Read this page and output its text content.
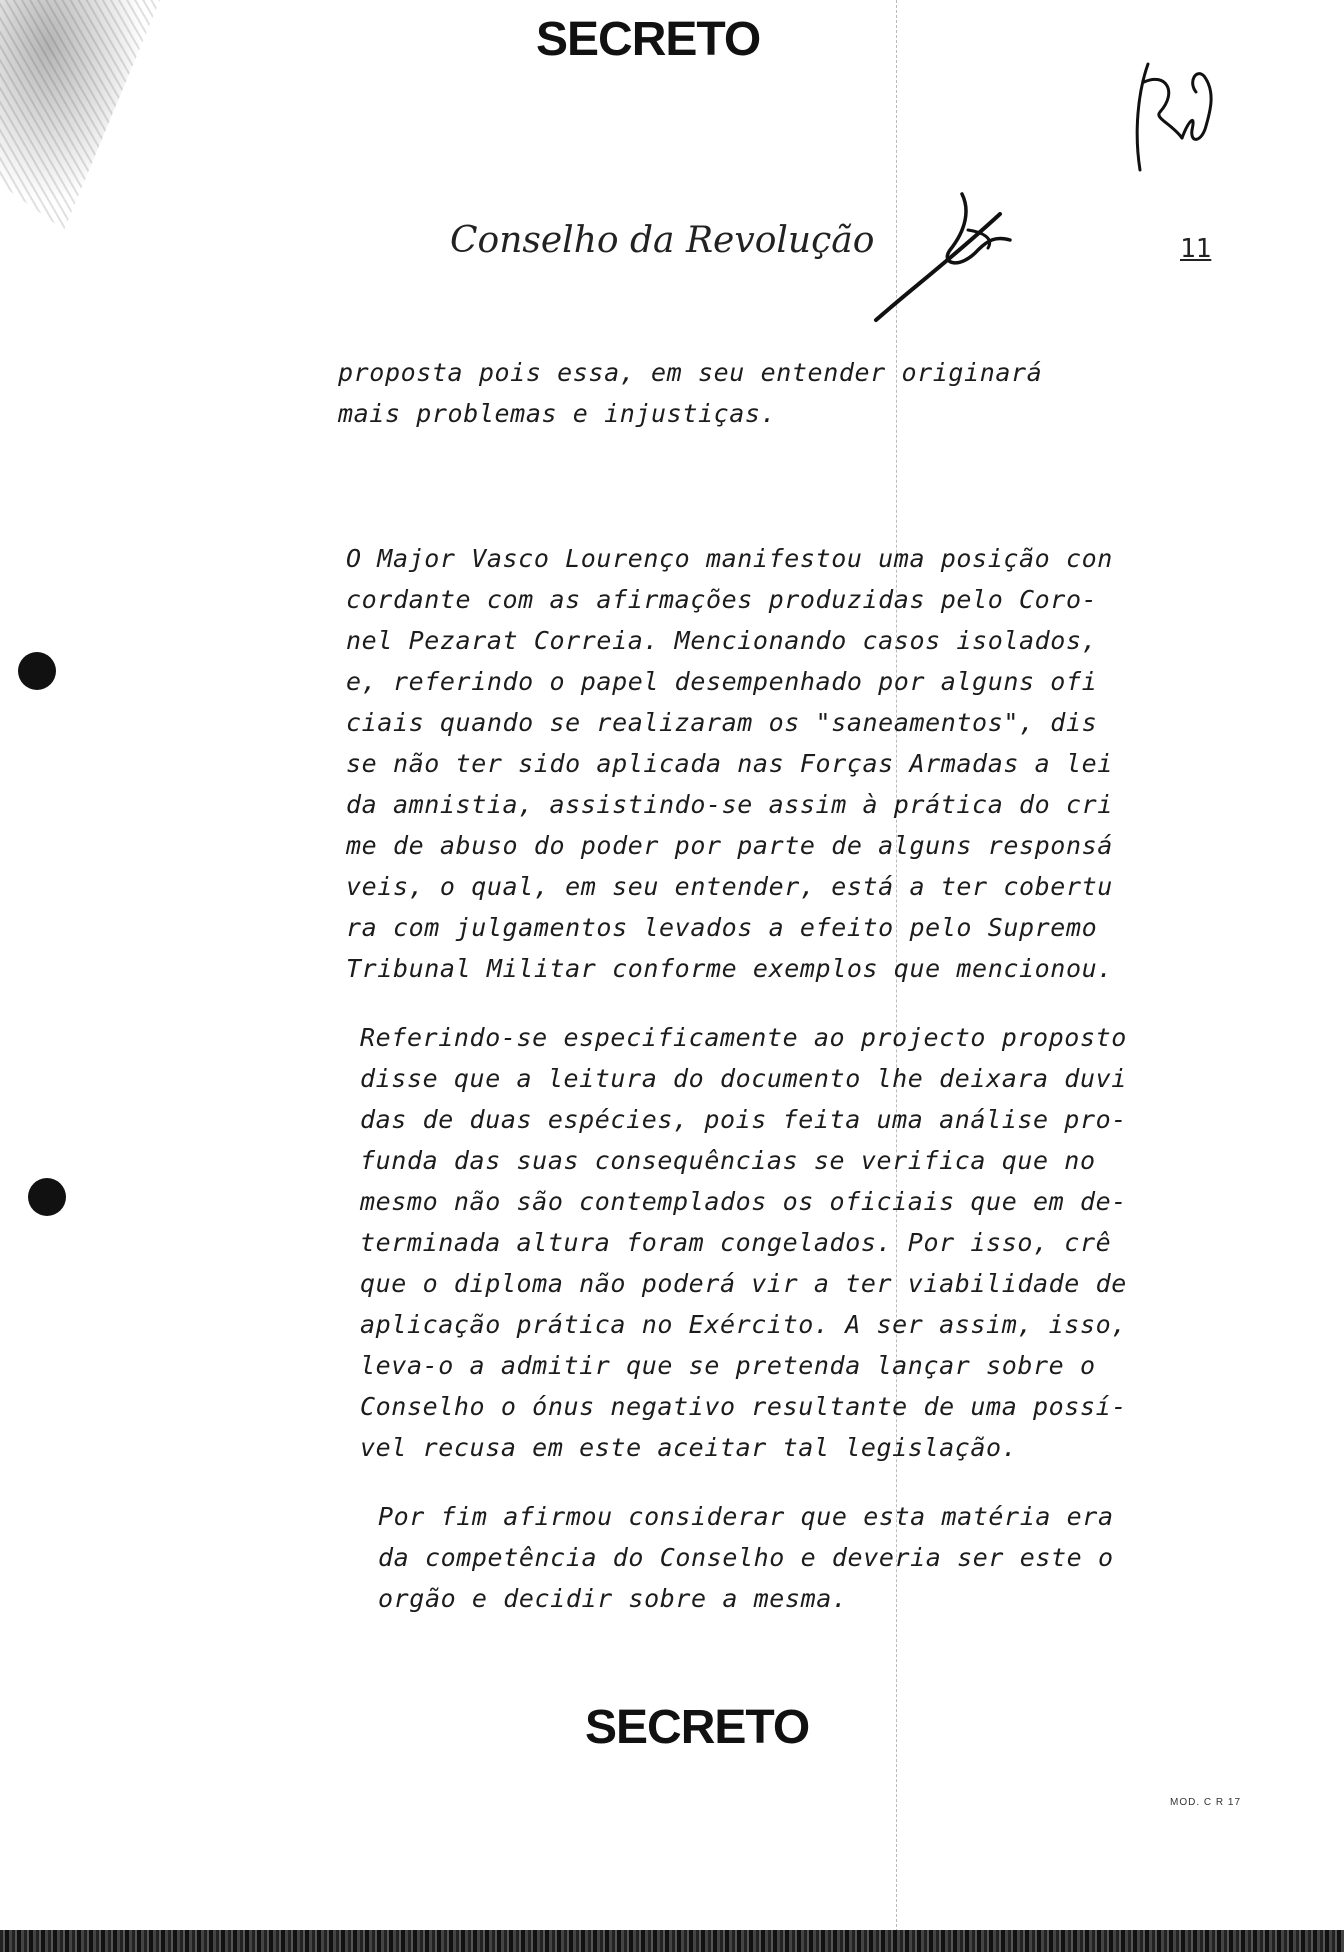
SECRETO
Conselho da Revolução	11

proposta pois essa, em seu entender originará
mais problemas e injustiças.

O Major Vasco Lourenço manifestou uma posição con
cordante com as afirmações produzidas pelo Coro-
nel Pezarat Correia. Mencionando casos isolados,
e, referindo o papel desempenhado por alguns ofi
ciais quando se realizaram os "saneamentos", dis
se não ter sido aplicada nas Forças Armadas a lei
da amnistia, assistindo-se assim à prática do cri
me de abuso do poder por parte de alguns responsá
veis, o qual, em seu entender, está a ter cobertu
ra com julgamentos levados a efeito pelo Supremo
Tribunal Militar conforme exemplos que mencionou.

Referindo-se especificamente ao projecto proposto
disse que a leitura do documento lhe deixara duvi
das de duas espécies, pois feita uma análise pro-
funda das suas consequências se verifica que no
mesmo não são contemplados os oficiais que em de-
terminada altura foram congelados. Por isso, crê
que o diploma não poderá vir a ter viabilidade de
aplicação prática no Exército. A ser assim, isso,
leva-o a admitir que se pretenda lançar sobre o
Conselho o ónus negativo resultante de uma possí-
vel recusa em este aceitar tal legislação.

Por fim afirmou considerar que esta matéria era
da competência do Conselho e deveria ser este o
orgão e decidir sobre a mesma.

SECRETO
MOD. C R 17
